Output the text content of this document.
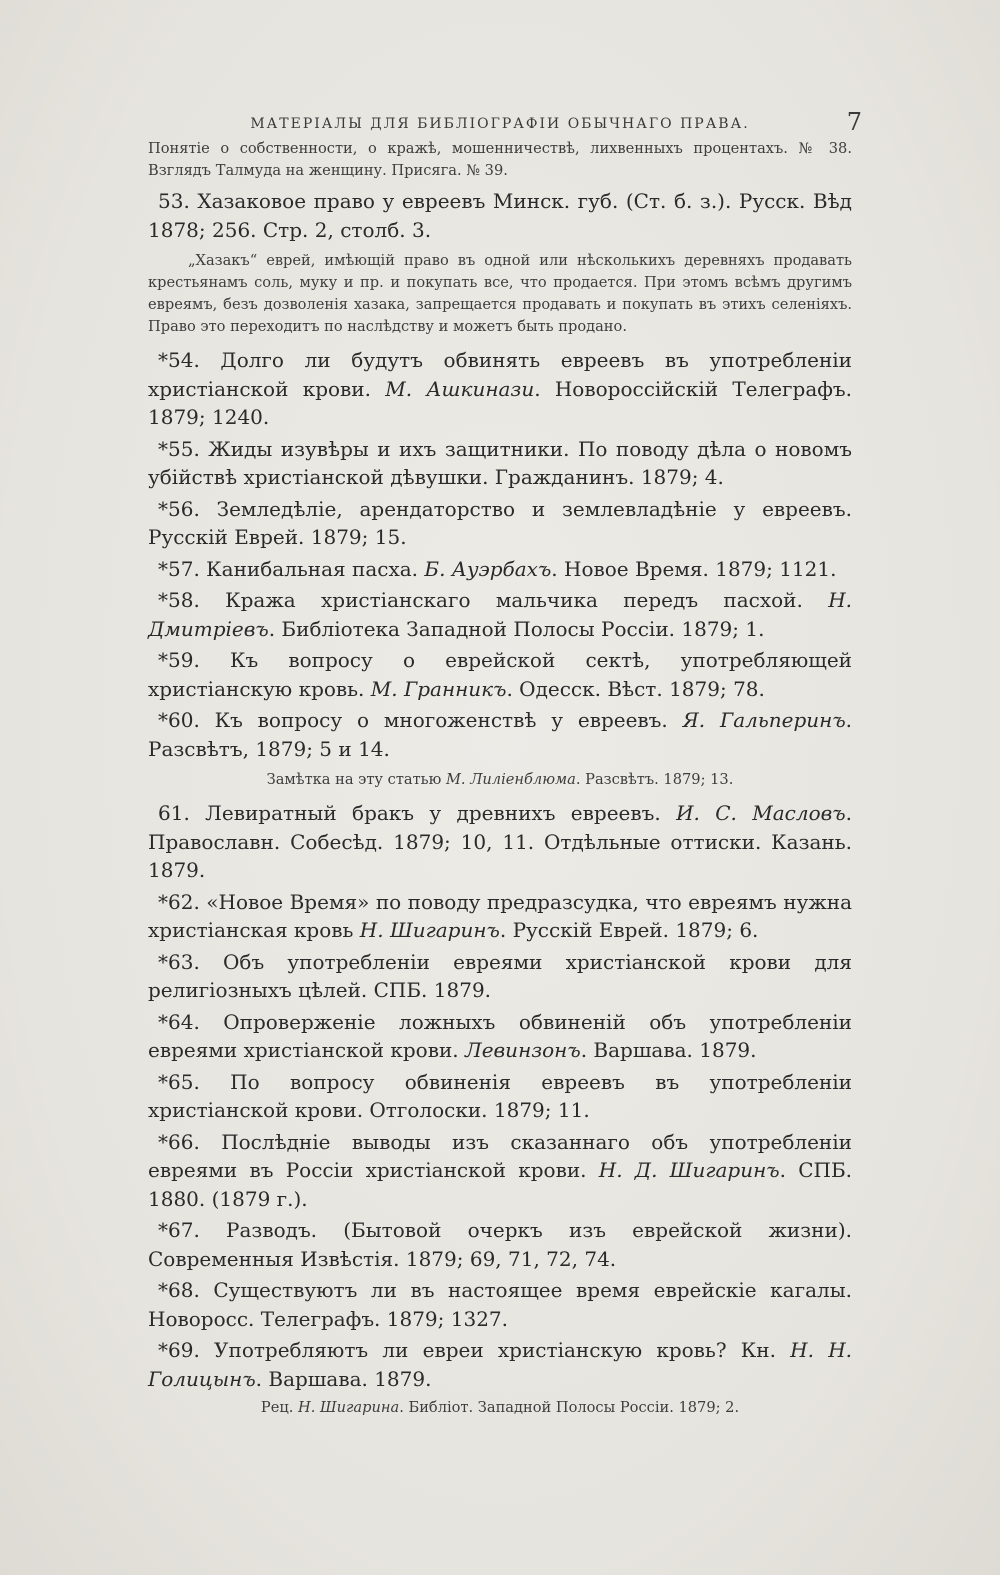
МАТЕРІАЛЫ ДЛЯ БИБЛІОГРАФІИ ОБЫЧНАГО ПРАВА.	7

Понятіе о собственности, о кражѣ, мошенничествѣ, лихвенныхъ процентахъ. № 38. Взглядъ Талмуда на женщину. Присяга. № 39.

53. Хазаковое право у евреевъ Минск. губ. (Ст. б. з.). Русск. Вѣд 1878; 256. Стр. 2, столб. 3.

„Хазакъ“ еврей, имѣющій право въ одной или нѣсколькихъ деревняхъ продавать крестьянамъ соль, муку и пр. и покупать все, что продается. При этомъ всѣмъ другимъ евреямъ, безъ дозволенія хазака, запрещается продавать и покупать въ этихъ селеніяхъ. Право это переходитъ по наслѣдству и можетъ быть продано.

*54. Долго ли будутъ обвинять евреевъ въ употребленіи христіанской крови. М. Ашкинази. Новороссійскій Телеграфъ. 1879; 1240.

*55. Жиды изувѣры и ихъ защитники. По поводу дѣла о новомъ убійствѣ христіанской дѣвушки. Гражданинъ. 1879; 4.

*56. Земледѣліе, арендаторство и землевладѣніе у евреевъ. Русскій Еврей. 1879; 15.

*57. Канибальная пасха. Б. Ауэрбахъ. Новое Время. 1879; 1121.

*58. Кража христіанскаго мальчика передъ пасхой. Н. Дмитріевъ. Библіотека Западной Полосы Россіи. 1879; 1.

*59. Къ вопросу о еврейской сектѣ, употребляющей христіанскую кровь. М. Гранникъ. Одесск. Вѣст. 1879; 78.

*60. Къ вопросу о многоженствѣ у евреевъ. Я. Гальперинъ. Разсвѣтъ, 1879; 5 и 14.

Замѣтка на эту статью М. Лиліенблюма. Разсвѣтъ. 1879; 13.

61. Левиратный бракъ у древнихъ евреевъ. И. С. Масловъ. Православн. Собесѣд. 1879; 10, 11. Отдѣльные оттиски. Казань. 1879.

*62. «Новое Время» по поводу предразсудка, что евреямъ нужна христіанская кровь Н. Шигаринъ. Русскій Еврей. 1879; 6.

*63. Объ употребленіи евреями христіанской крови для религіозныхъ цѣлей. СПБ. 1879.

*64. Опроверженіе ложныхъ обвиненій объ употребленіи евреями христіанской крови. Левинзонъ. Варшава. 1879.

*65. По вопросу обвиненія евреевъ въ употребленіи христіанской крови. Отголоски. 1879; 11.

*66. Послѣдніе выводы изъ сказаннаго объ употребленіи евреями въ Россіи христіанской крови. Н. Д. Шигаринъ. СПБ. 1880. (1879 г.).

*67. Разводъ. (Бытовой очеркъ изъ еврейской жизни). Современныя Извѣстія. 1879; 69, 71, 72, 74.

*68. Существуютъ ли въ настоящее время еврейскіе кагалы. Новоросс. Телеграфъ. 1879; 1327.

*69. Употребляютъ ли евреи христіанскую кровь? Кн. Н. Н. Голицынъ. Варшава. 1879.

Рец. Н. Шигарина. Библіот. Западной Полосы Россіи. 1879; 2.
